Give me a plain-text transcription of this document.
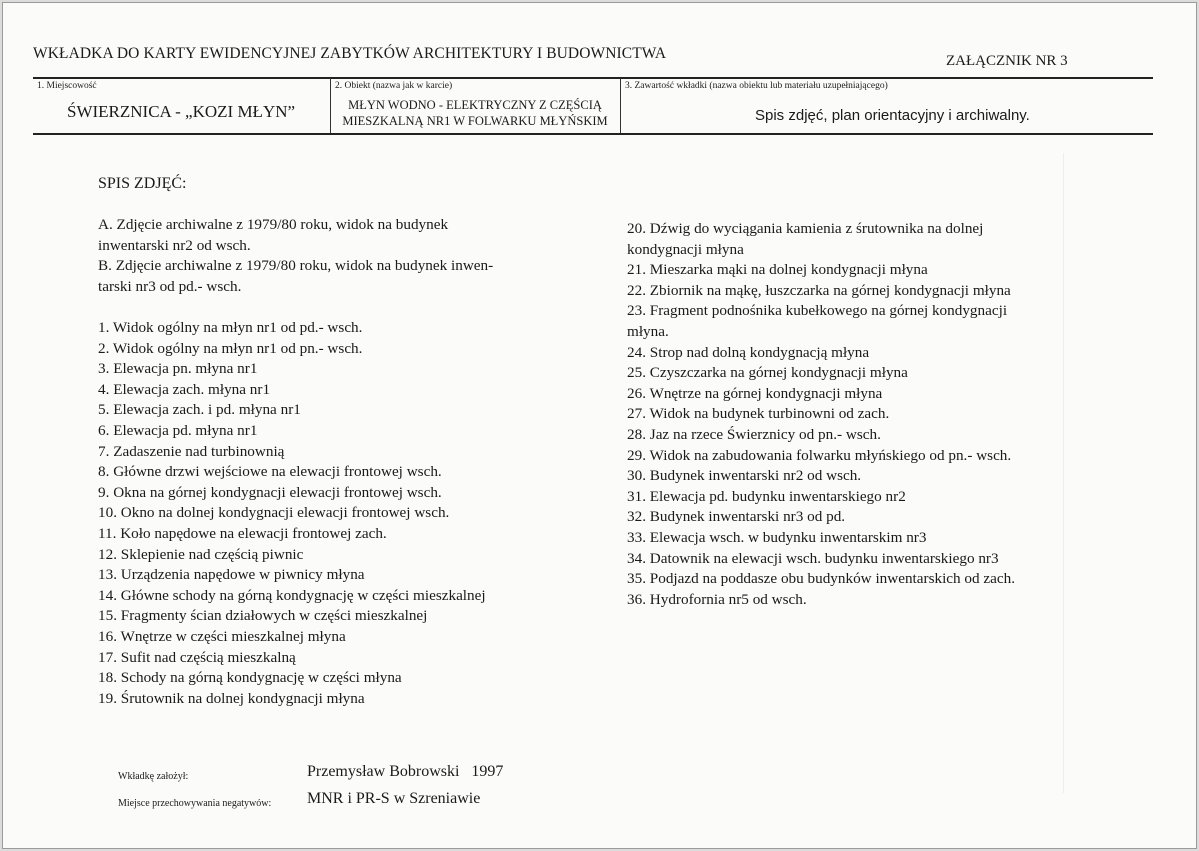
WKŁADKA DO KARTY EWIDENCYJNEJ ZABYTKÓW ARCHITEKTURY I BUDOWNICTWA	ZAŁĄCZNIK NR 3
1. Miejscowość
ŚWIERZNICA - „KOZI MŁYN”
2. Obiekt (nazwa jak w karcie)
MŁYN WODNO - ELEKTRYCZNY Z CZĘŚCIĄ
MIESZKALNĄ NR1 W FOLWARKU MŁYŃSKIM
3. Zawartość wkładki (nazwa obiektu lub materiału uzupełniającego)
Spis zdjęć, plan orientacyjny i archiwalny.
SPIS ZDJĘĆ:
A. Zdjęcie archiwalne z 1979/80 roku, widok na budynek
inwentarski nr2 od wsch.
B. Zdjęcie archiwalne z 1979/80 roku, widok na budynek inwen-
tarski nr3 od pd.- wsch.
1. Widok ogólny na młyn nr1 od pd.- wsch.
2. Widok ogólny na młyn nr1 od pn.- wsch.
3. Elewacja pn. młyna nr1
4. Elewacja zach. młyna nr1
5. Elewacja zach. i pd. młyna nr1
6. Elewacja pd. młyna nr1
7. Zadaszenie nad turbinownią
8. Główne drzwi wejściowe na elewacji frontowej wsch.
9. Okna na górnej kondygnacji elewacji frontowej wsch.
10. Okno na dolnej kondygnacji elewacji frontowej wsch.
11. Koło napędowe na elewacji frontowej zach.
12. Sklepienie nad częścią piwnic
13. Urządzenia napędowe w piwnicy młyna
14. Główne schody na górną kondygnację w części mieszkalnej
15. Fragmenty ścian działowych w części mieszkalnej
16. Wnętrze w części mieszkalnej młyna
17. Sufit nad częścią mieszkalną
18. Schody na górną kondygnację w części młyna
19. Śrutownik na dolnej kondygnacji młyna
20. Dźwig do wyciągania kamienia z śrutownika na dolnej
kondygnacji młyna
21. Mieszarka mąki na dolnej kondygnacji młyna
22. Zbiornik na mąkę, łuszczarka na górnej kondygnacji młyna
23. Fragment podnośnika kubełkowego na górnej kondygnacji
młyna.
24. Strop nad dolną kondygnacją młyna
25. Czyszczarka na górnej kondygnacji młyna
26. Wnętrze na górnej kondygnacji młyna
27. Widok na budynek turbinowni od zach.
28. Jaz na rzece Świerznicy od pn.- wsch.
29. Widok na zabudowania folwarku młyńskiego od pn.- wsch.
30. Budynek inwentarski nr2 od wsch.
31. Elewacja pd. budynku inwentarskiego nr2
32. Budynek inwentarski nr3 od pd.
33. Elewacja wsch. w budynku inwentarskim nr3
34. Datownik na elewacji wsch. budynku inwentarskiego nr3
35. Podjazd na poddasze obu budynków inwentarskich od zach.
36. Hydrofornia nr5 od wsch.
Wkładkę założył:	Przemysław Bobrowski   1997
Miejsce przechowywania negatywów: MNR i PR-S w Szreniawie
